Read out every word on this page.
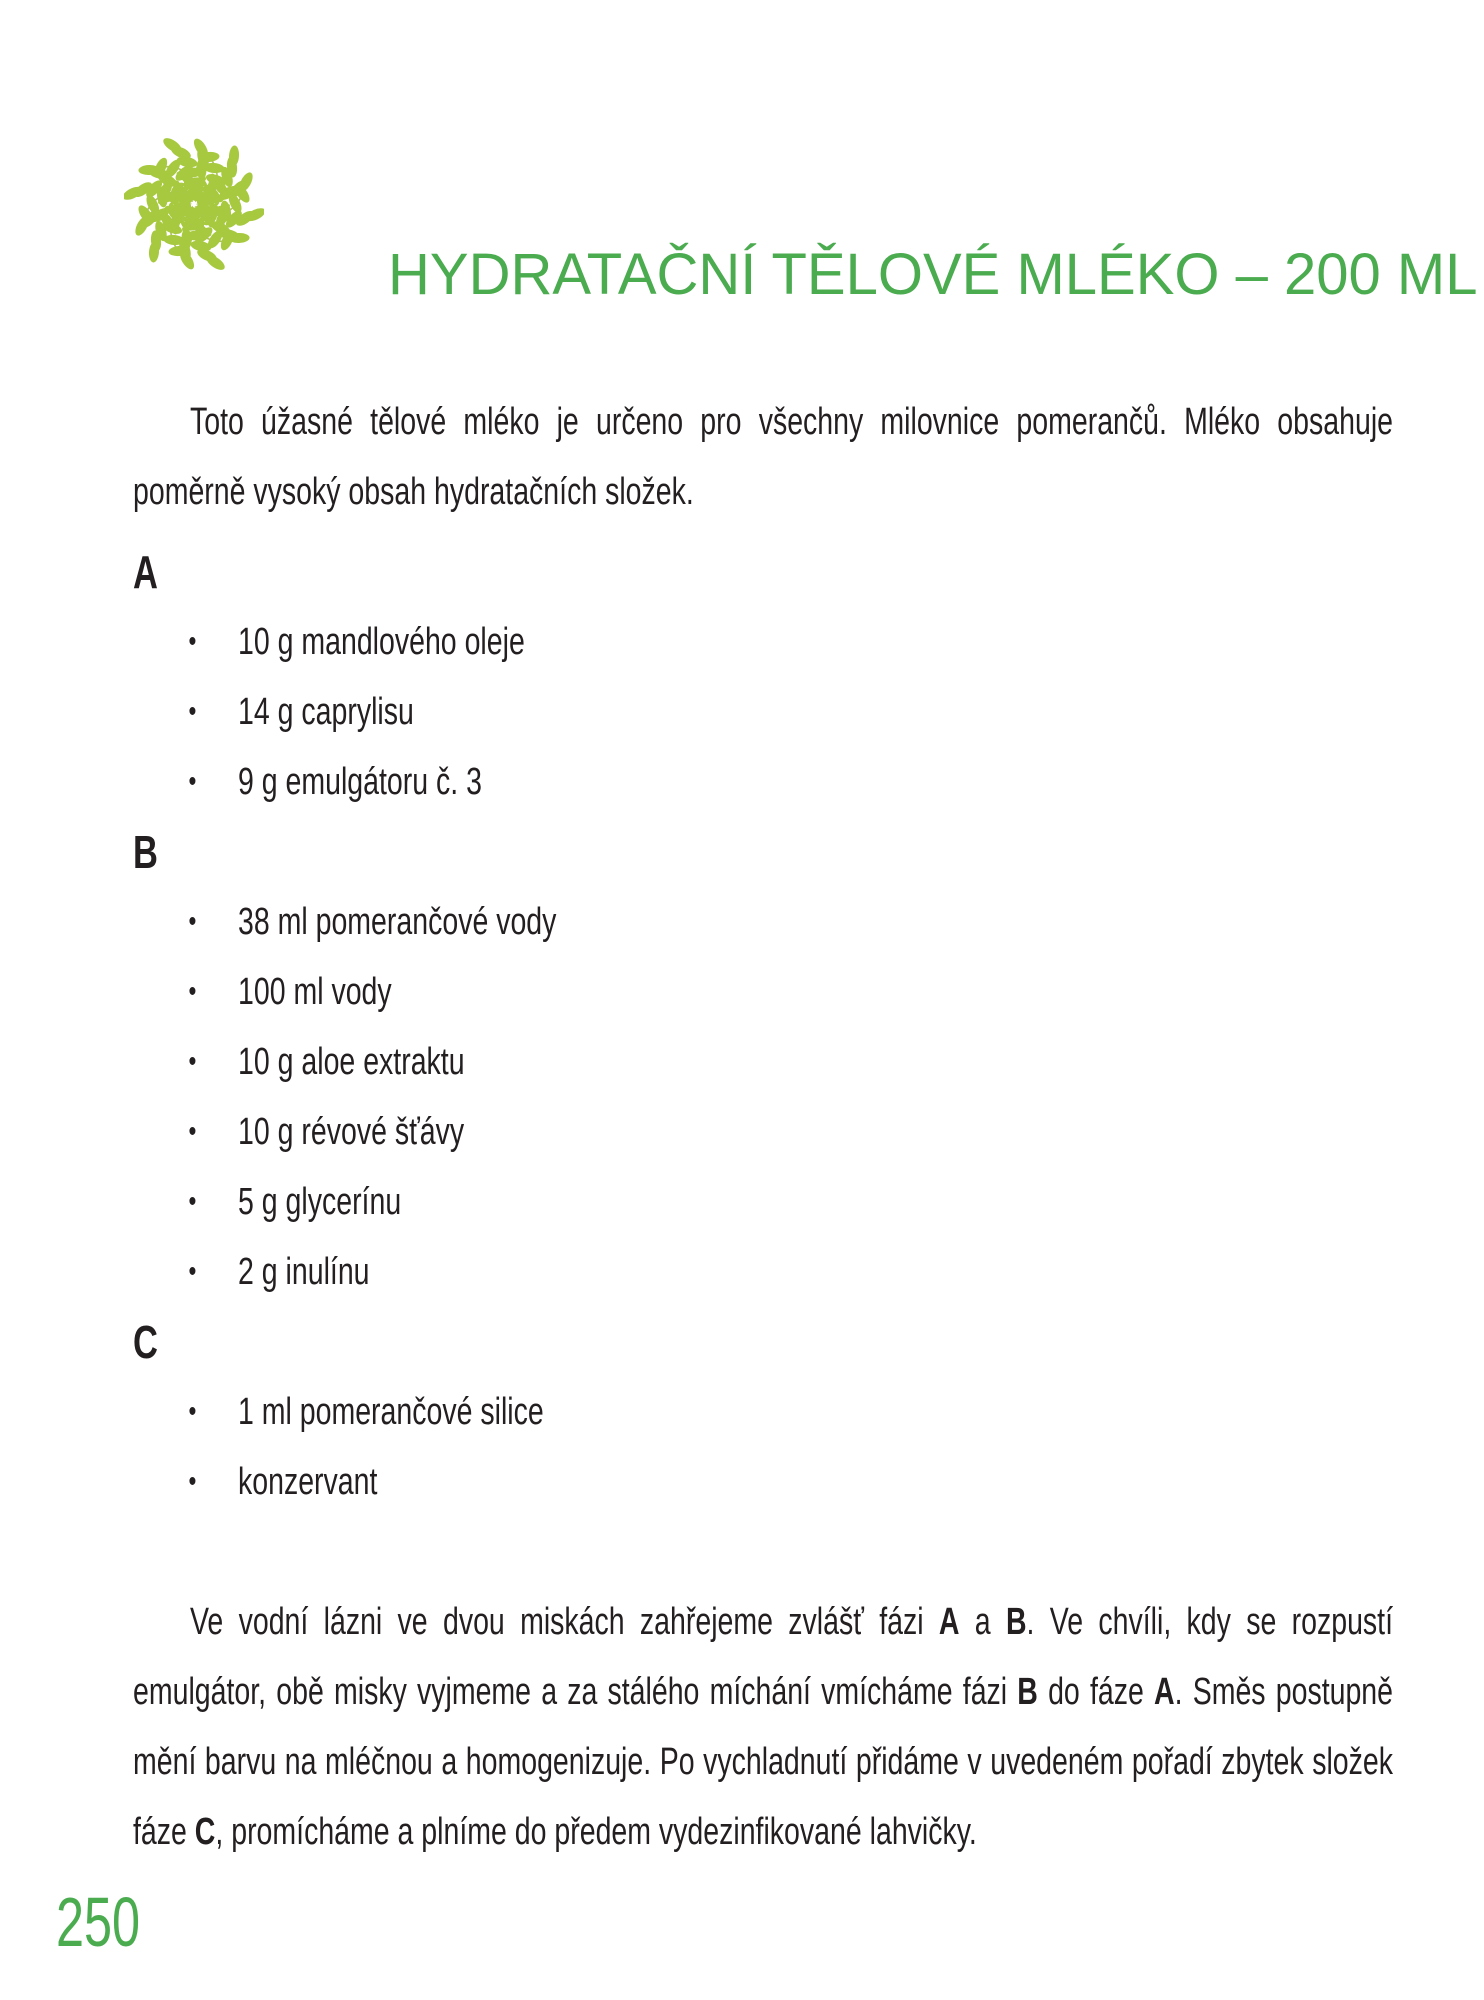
HYDRATAČNÍ TĚLOVÉ MLÉKO – 200 ML

Toto úžasné tělové mléko je určeno pro všechny milovnice pomerančů. Mléko obsahuje poměrně vysoký obsah hydratačních složek.

A
• 10 g mandlového oleje
• 14 g caprylisu
• 9 g emulgátoru č. 3
B
• 38 ml pomerančové vody
• 100 ml vody
• 10 g aloe extraktu
• 10 g révové šťávy
• 5 g glycerínu
• 2 g inulínu
C
• 1 ml pomerančové silice
• konzervant

Ve vodní lázni ve dvou miskách zahřejeme zvlášť fázi A a B. Ve chvíli, kdy se rozpustí emulgátor, obě misky vyjmeme a za stálého míchání vmícháme fázi B do fáze A. Směs postupně mění barvu na mléčnou a homogenizuje. Po vychladnutí přidáme v uvedeném pořadí zbytek složek fáze C, promícháme a plníme do předem vydezinfikované lahvičky.

250
